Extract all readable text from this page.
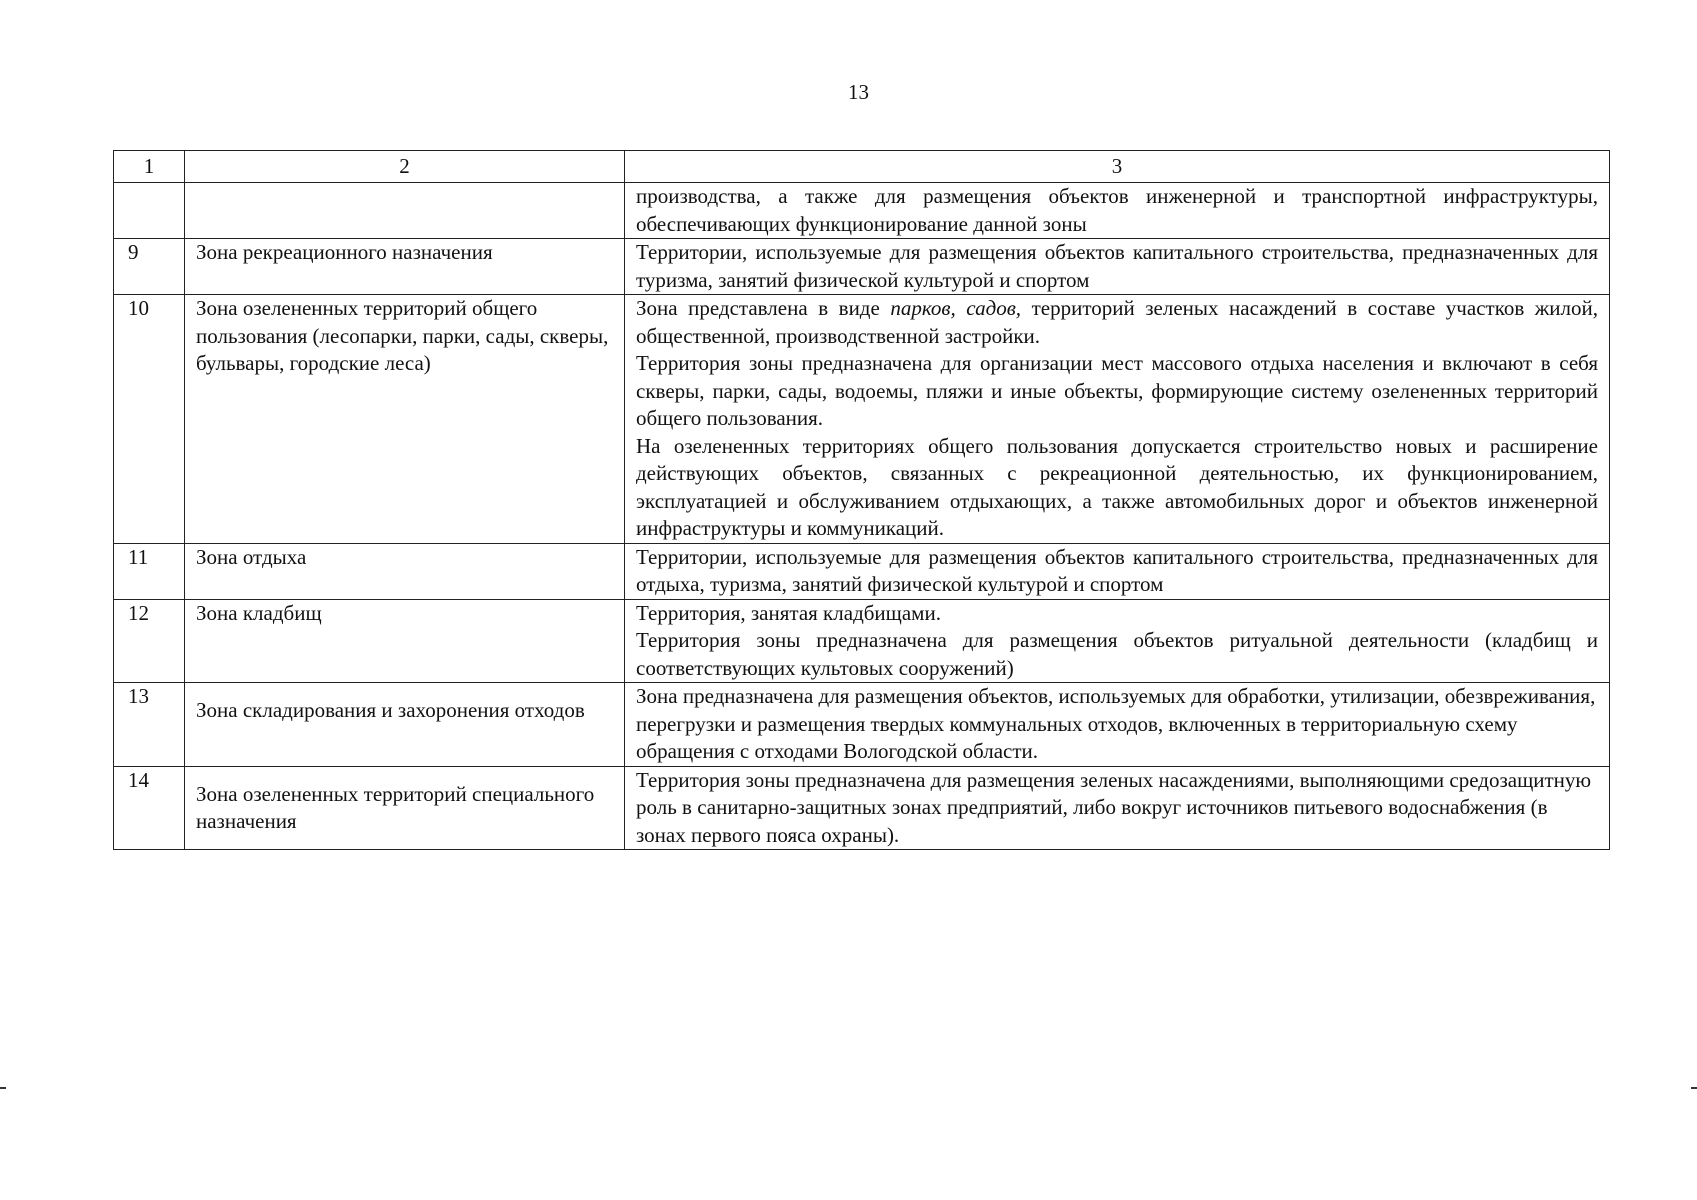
13
1	2	3

		производства, а также для размещения объектов инженерной и транспортной инфраструктуры, обеспечивающих функционирование данной зоны

9	Зона рекреационного назначения	Территории, используемые для размещения объектов капитального строительства, предназначенных для туризма, занятий физической культурой и спортом

10	Зона озелененных территорий общего пользования (лесопарки, парки, сады, скверы, бульвары, городские леса)	Зона представлена в виде парков, садов, территорий зеленых насаждений в составе участков жилой, общественной, производственной застройки.

Территория зоны предназначена для организации мест массового отдыха населения и включают в себя скверы, парки, сады, водоемы, пляжи и иные объекты, формирующие систему озелененных территорий общего пользования.

На озелененных территориях общего пользования допускается строительство новых и расширение действующих объектов, связанных с рекреационной деятельностью, их функционированием, эксплуатацией и обслуживанием отдыхающих, а также автомобильных дорог и объектов инженерной инфраструктуры и коммуникаций.

11	Зона отдыха	Территории, используемые для размещения объектов капитального строительства, предназначенных для отдыха, туризма, занятий физической культурой и спортом

12	Зона кладбищ	Территория, занятая кладбищами.

Территория зоны предназначена для размещения объектов ритуальной деятельности (кладбищ и соответствующих культовых сооружений)

13	Зона складирования и захоронения отходов	Зона предназначена для размещения объектов, используемых для обработки, утилизации, обезвреживания, перегрузки и размещения твердых коммунальных отходов, включенных в территориальную схему обращения с отходами Вологодской области.

14	Зона озелененных территорий специального назначения	Территория зоны предназначена для размещения зеленых насаждениями, выполняющими средозащитную роль в санитарно-защитных зонах предприятий, либо вокруг источников питьевого водоснабжения (в зонах первого пояса охраны).
